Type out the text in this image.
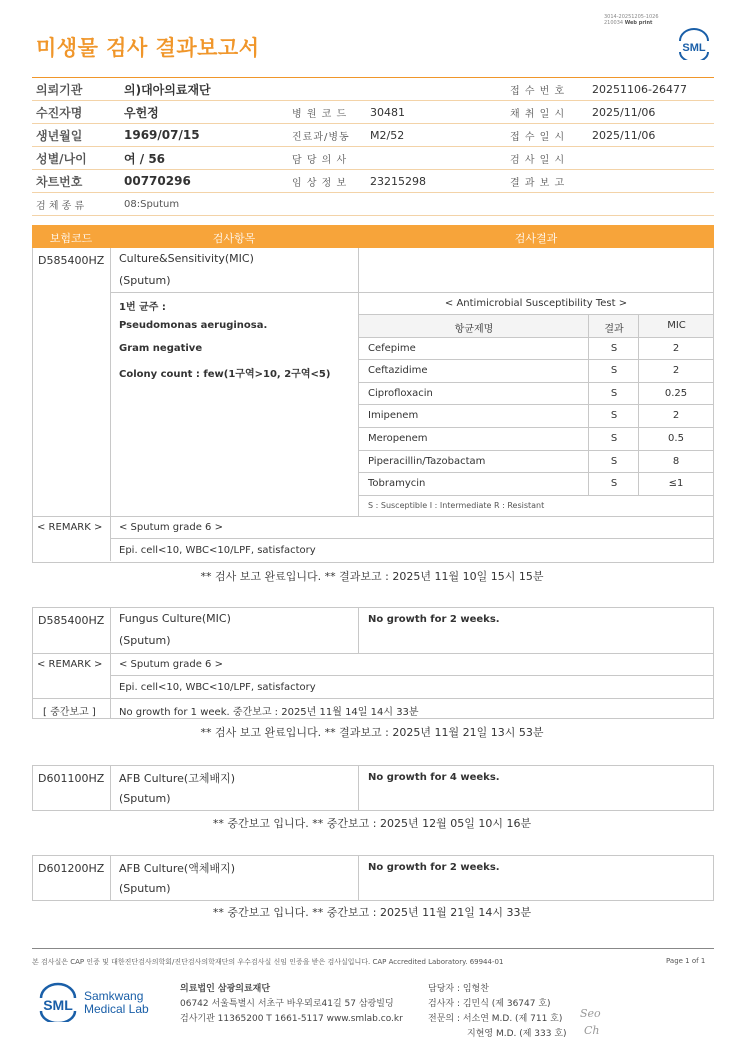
미생물 검사 결과보고서
3014-20251205-1026
210034 Web print
SML
의뢰기관	의)대아의료재단			접 수 번 호	20251106-26477
수진자명	우헌정	병 원 코 드	30481	채 취 일 시	2025/11/06
생년월일	1969/07/15	진료과/병동	M2/52	접 수 일 시	2025/11/06
성별/나이	여 / 56	담 당 의 사		검 사 일 시	
차트번호	00770296	임 상 정 보	23215298	결 과 보 고	
검 체 종 류	08:Sputum				
보험코드	검사항목	검사결과
D585400HZ Culture&Sensitivity(MIC)
(Sputum)
1번 균주 :
Pseudomonas aeruginosa.
Gram negative
Colony count : few(1구역>10, 2구역<5)
< Antimicrobial Susceptibility Test >
항균제명	결과	MIC
Cefepime	S	2
Ceftazidime	S	2
Ciprofloxacin	S	0.25
Imipenem	S	2
Meropenem	S	0.5
Piperacillin/Tazobactam	S	8
Tobramycin	S	≤1
S : Susceptible I : Intermediate R : Resistant
< REMARK > < Sputum grade 6 >
Epi. cell<10, WBC<10/LPF, satisfactory
** 검사 보고 완료입니다. ** 결과보고 : 2025년 11월 10일 15시 15분
D585400HZ Fungus Culture(MIC)
(Sputum)
No growth for 2 weeks.
< REMARK > < Sputum grade 6 >
Epi. cell<10, WBC<10/LPF, satisfactory
[ 중간보고 ] No growth for 1 week. 중간보고 : 2025년 11월 14일 14시 33분
** 검사 보고 완료입니다. ** 결과보고 : 2025년 11월 21일 13시 53분
D601100HZ AFB Culture(고체배지)
(Sputum)
No growth for 4 weeks.
** 중간보고 입니다. ** 중간보고 : 2025년 12월 05일 10시 16분
D601200HZ AFB Culture(액체배지)
(Sputum)
No growth for 2 weeks.
** 중간보고 입니다. ** 중간보고 : 2025년 11월 21일 14시 33분
본 검사실은 CAP 인증 및 대한진단검사의학회/진단검사의학재단의 우수검사실 신임 인증을 받은 검사실입니다. CAP Accredited Laboratory. 69944-01	Page 1 of 1
SML
Samkwang
Medical Lab
의료법인 삼광의료재단
06742 서울특별시 서초구 바우뫼로41길 57 삼광빌딩
검사기관 11365200 T 1661-5117 www.smlab.co.kr
담당자 : 임형찬
검사자 : 김민식 (제 36747 호)
전문의 : 서소연 M.D. (제 711 호)
지현영 M.D. (제 333 호)
Seo
Ch
